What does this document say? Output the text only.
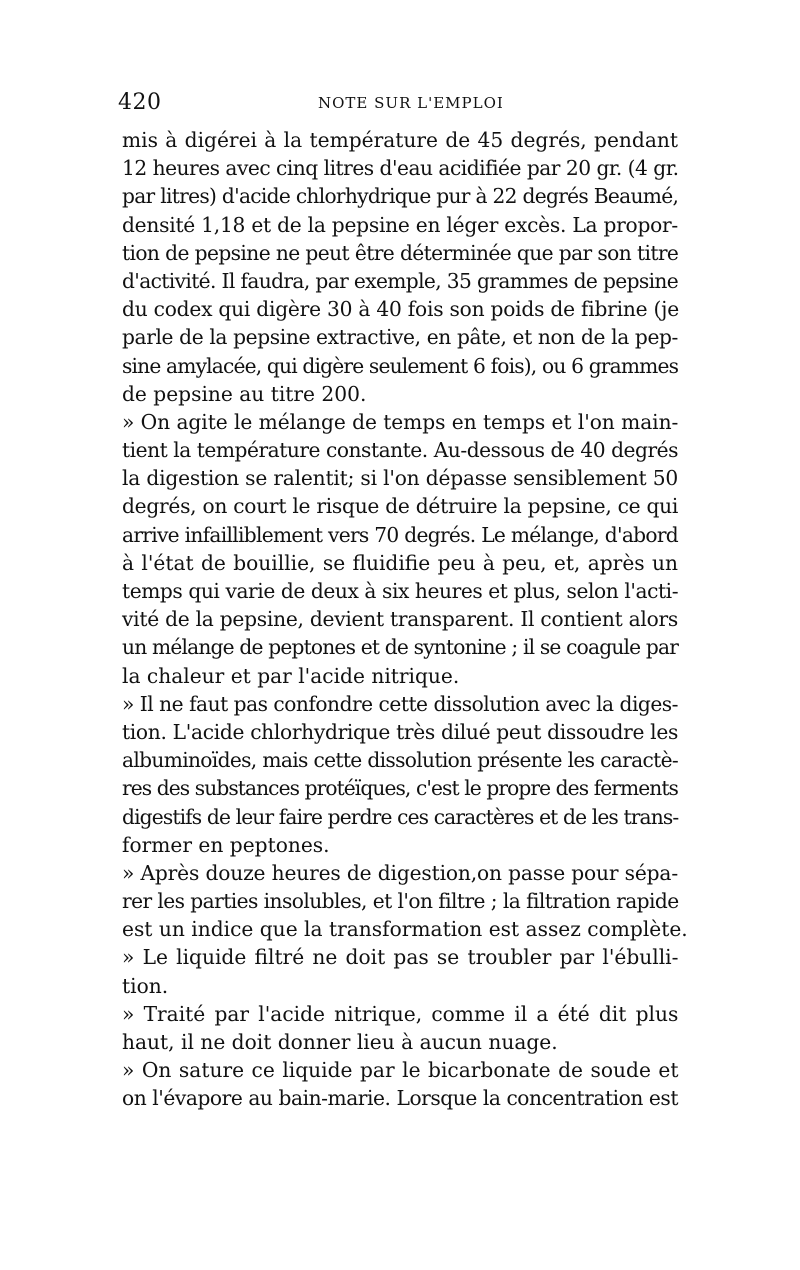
420	NOTE SUR L'EMPLOI
mis à digérei à la température de 45 degrés, pendant
12 heures avec cinq litres d'eau acidifiée par 20 gr. (4 gr.
par litres) d'acide chlorhydrique pur à 22 degrés Beaumé,
densité 1,18 et de la pepsine en léger excès. La propor-
tion de pepsine ne peut être déterminée que par son titre
d'activité. Il faudra, par exemple, 35 grammes de pepsine
du codex qui digère 30 à 40 fois son poids de fibrine (je
parle de la pepsine extractive, en pâte, et non de la pep-
sine amylacée, qui digère seulement 6 fois), ou 6 grammes
de pepsine au titre 200.
» On agite le mélange de temps en temps et l'on main-
tient la température constante. Au-dessous de 40 degrés
la digestion se ralentit; si l'on dépasse sensiblement 50
degrés, on court le risque de détruire la pepsine, ce qui
arrive infailliblement vers 70 degrés. Le mélange, d'abord
à l'état de bouillie, se fluidifie peu à peu, et, après un
temps qui varie de deux à six heures et plus, selon l'acti-
vité de la pepsine, devient transparent. Il contient alors
un mélange de peptones et de syntonine ; il se coagule par
la chaleur et par l'acide nitrique.
» Il ne faut pas confondre cette dissolution avec la diges-
tion. L'acide chlorhydrique très dilué peut dissoudre les
albuminoïdes, mais cette dissolution présente les caractè-
res des substances protéïques, c'est le propre des ferments
digestifs de leur faire perdre ces caractères et de les trans-
former en peptones.
» Après douze heures de digestion,on passe pour sépa-
rer les parties insolubles, et l'on filtre ; la filtration rapide
est un indice que la transformation est assez complète.
» Le liquide filtré ne doit pas se troubler par l'ébulli-
tion.
» Traité par l'acide nitrique, comme il a été dit plus
haut, il ne doit donner lieu à aucun nuage.
» On sature ce liquide par le bicarbonate de soude et
on l'évapore au bain-marie. Lorsque la concentration est
